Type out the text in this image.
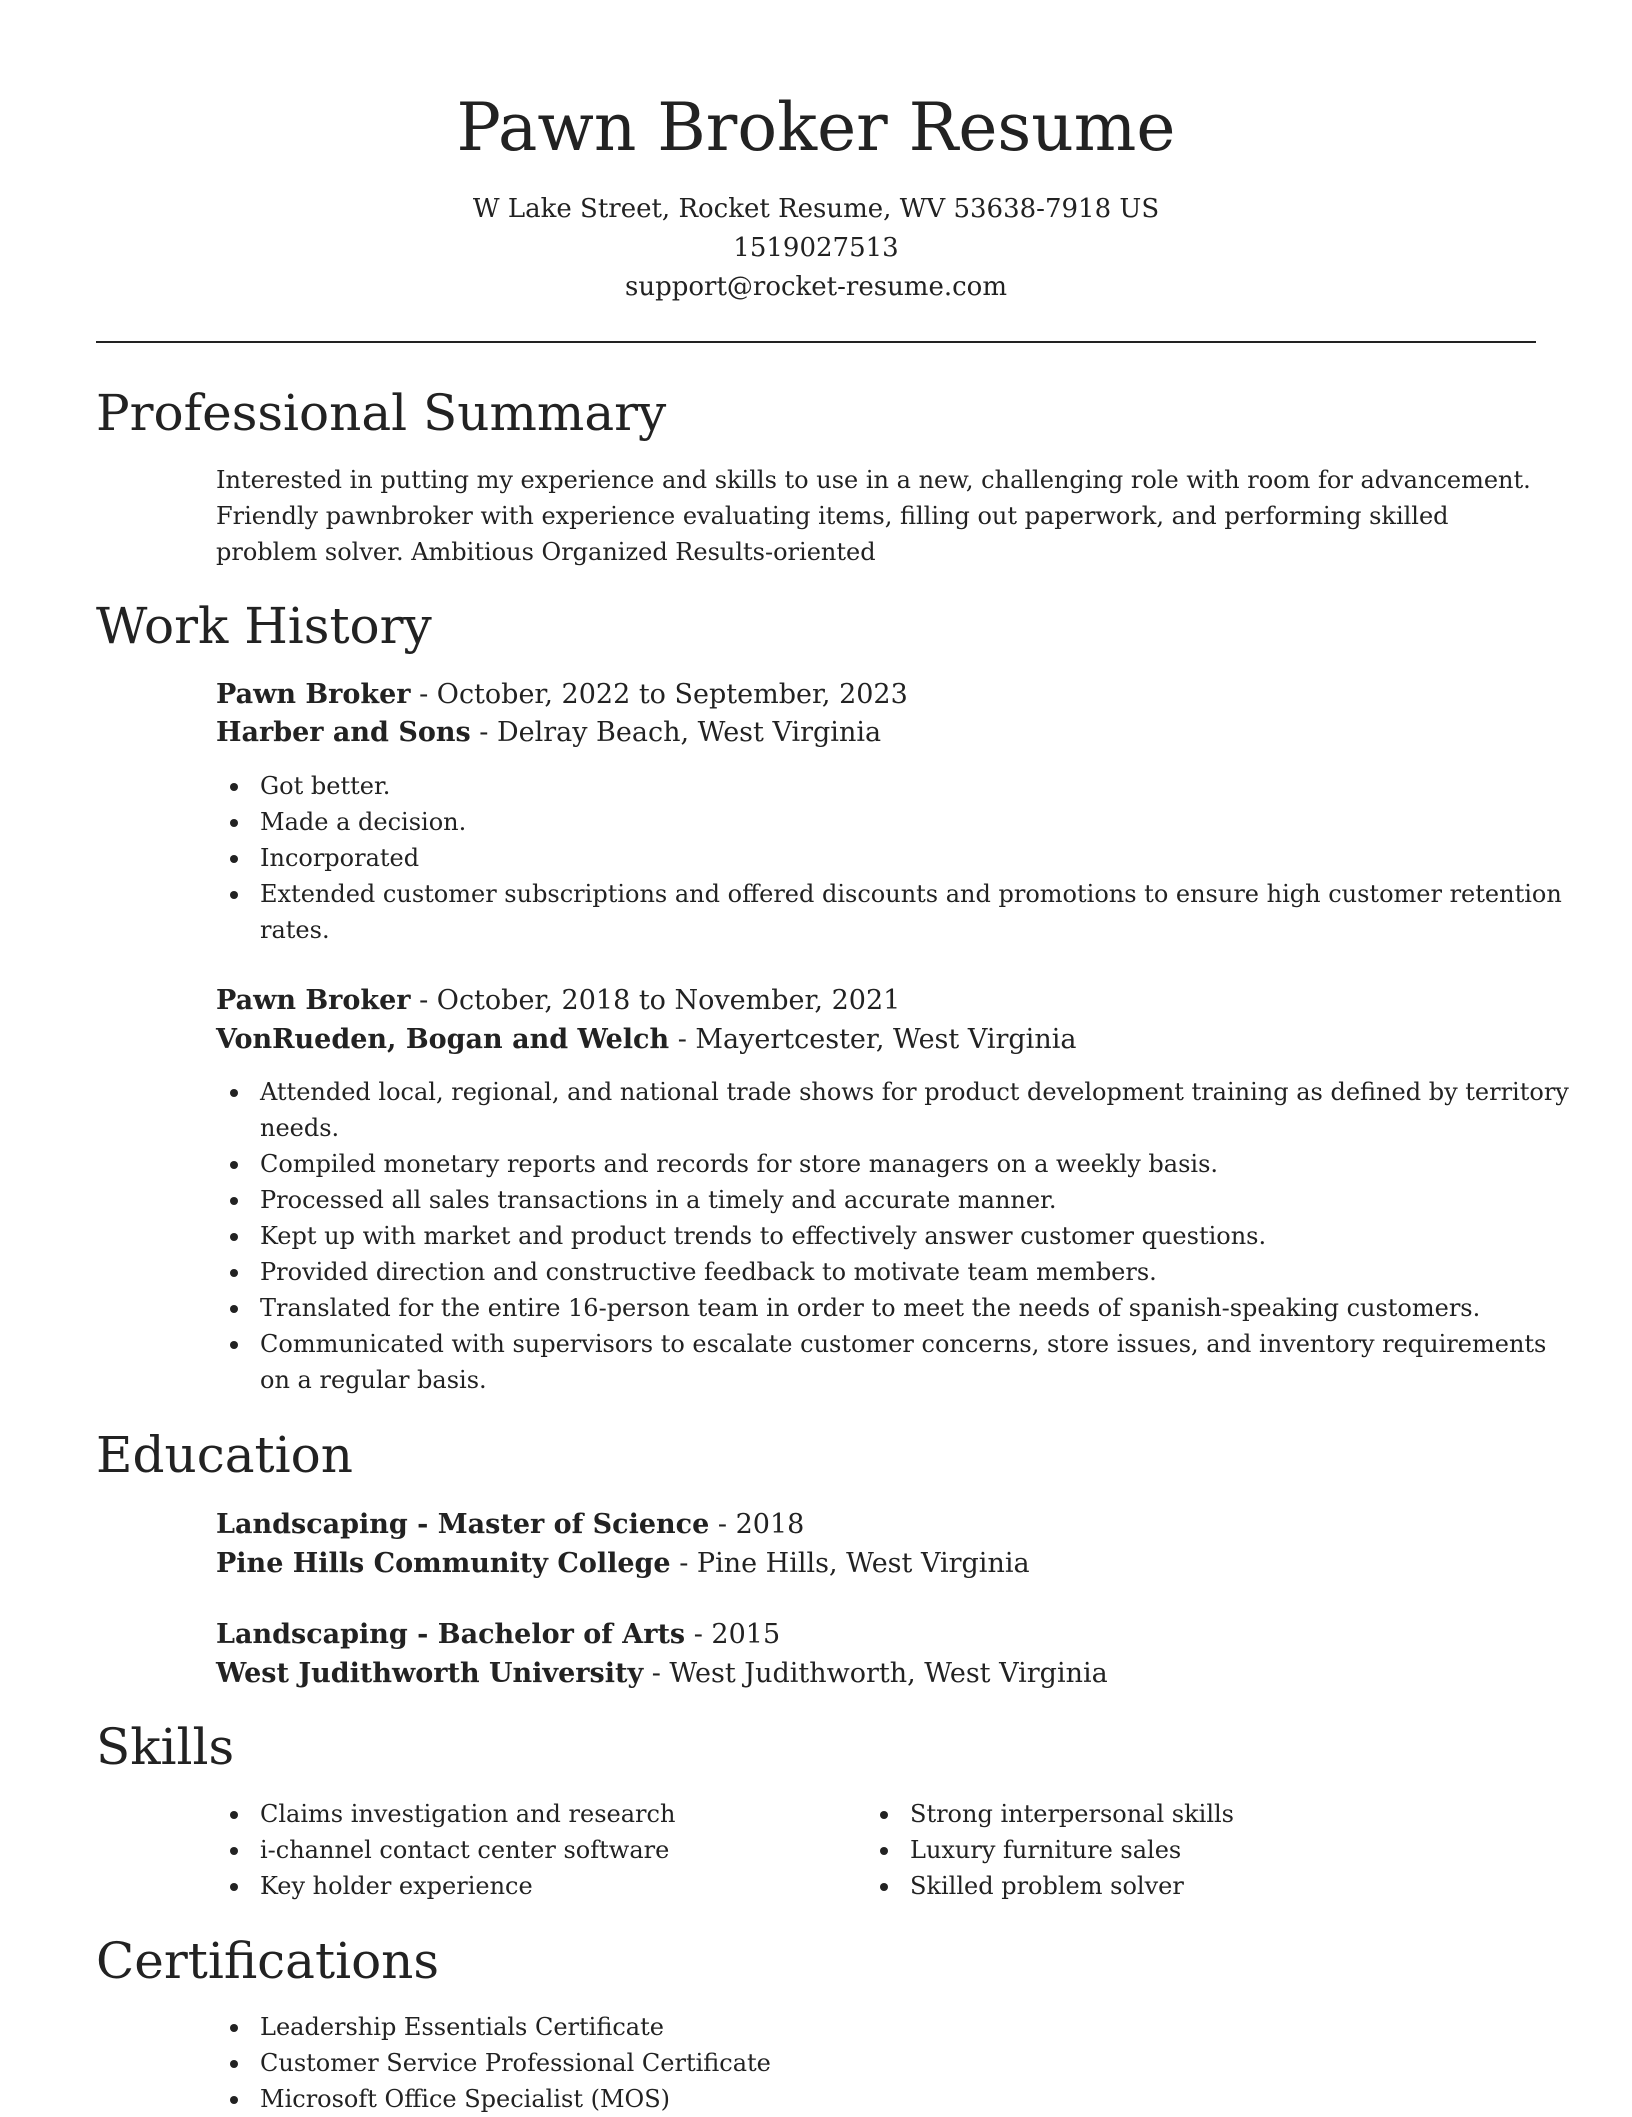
Pawn Broker Resume
W Lake Street, Rocket Resume, WV 53638-7918 US
1519027513
support@rocket-resume.com
Professional Summary
Interested in putting my experience and skills to use in a new, challenging role with room for advancement. Friendly pawnbroker with experience evaluating items, filling out paperwork, and performing skilled problem solver. Ambitious Organized Results-oriented
Work History
Pawn Broker - October, 2022 to September, 2023
Harber and Sons - Delray Beach, West Virginia
Got better.
Made a decision.
Incorporated
Extended customer subscriptions and offered discounts and promotions to ensure high customer retention rates.
Pawn Broker - October, 2018 to November, 2021
VonRueden, Bogan and Welch - Mayertcester, West Virginia
Attended local, regional, and national trade shows for product development training as defined by territory needs.
Compiled monetary reports and records for store managers on a weekly basis.
Processed all sales transactions in a timely and accurate manner.
Kept up with market and product trends to effectively answer customer questions.
Provided direction and constructive feedback to motivate team members.
Translated for the entire 16-person team in order to meet the needs of spanish-speaking customers.
Communicated with supervisors to escalate customer concerns, store issues, and inventory requirements on a regular basis.
Education
Landscaping - Master of Science - 2018
Pine Hills Community College - Pine Hills, West Virginia
Landscaping - Bachelor of Arts - 2015
West Judithworth University - West Judithworth, West Virginia
Skills
Claims investigation and research
i-channel contact center software
Key holder experience
Strong interpersonal skills
Luxury furniture sales
Skilled problem solver
Certifications
Leadership Essentials Certificate
Customer Service Professional Certificate
Microsoft Office Specialist (MOS)
